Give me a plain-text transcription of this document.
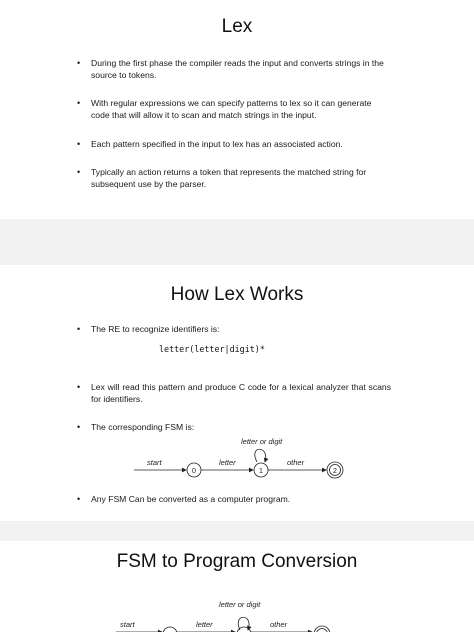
Lex
• During the first phase the compiler reads the input and converts strings in the source to tokens.
• With regular expressions we can specify patterns to lex so it can generate code that will allow it to scan and match strings in the input.
• Each pattern specified in the input to lex has an associated action.
• Typically an action returns a token that represents the matched string for subsequent use by the parser.
How Lex Works
• The RE to recognize identifiers is:
letter(letter|digit)*
• Lex will read this pattern and produce C code for a lexical analyzer that scans for identifiers.
• The corresponding FSM is:
letter or digit
start
0
letter
1
other
2
• Any FSM Can be converted as a computer program.
FSM to Program Conversion
letter or digit
start	letter	other
